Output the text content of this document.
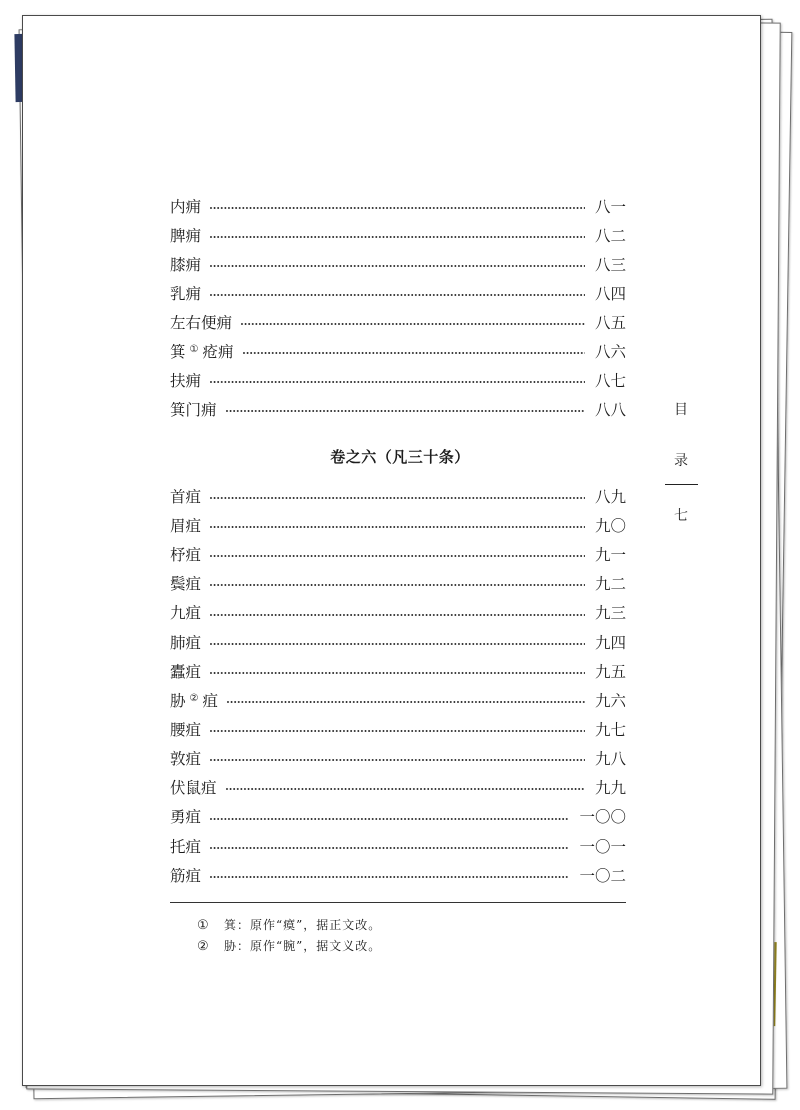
内痈	八一
脾痈	八二
膝痈	八三
乳痈	八四
左右便痈	八五
箕 ① 疮痈	八六
扶痈	八七
箕门痈	八八
卷之六（凡三十条）
首疽	八九
眉疽	九〇
杼疽	九一
鬓疽	九二
九疽	九三
肺疽	九四
蠹疽	九五
胁 ② 疽	九六
腰疽	九七
敦疽	九八
伏鼠疽	九九
勇疽	一〇〇
托疽	一〇一
筋疽	一〇二
① 箕：原作“瘼”，据正文改。
② 胁：原作“腕”，据文义改。
目
录
七
